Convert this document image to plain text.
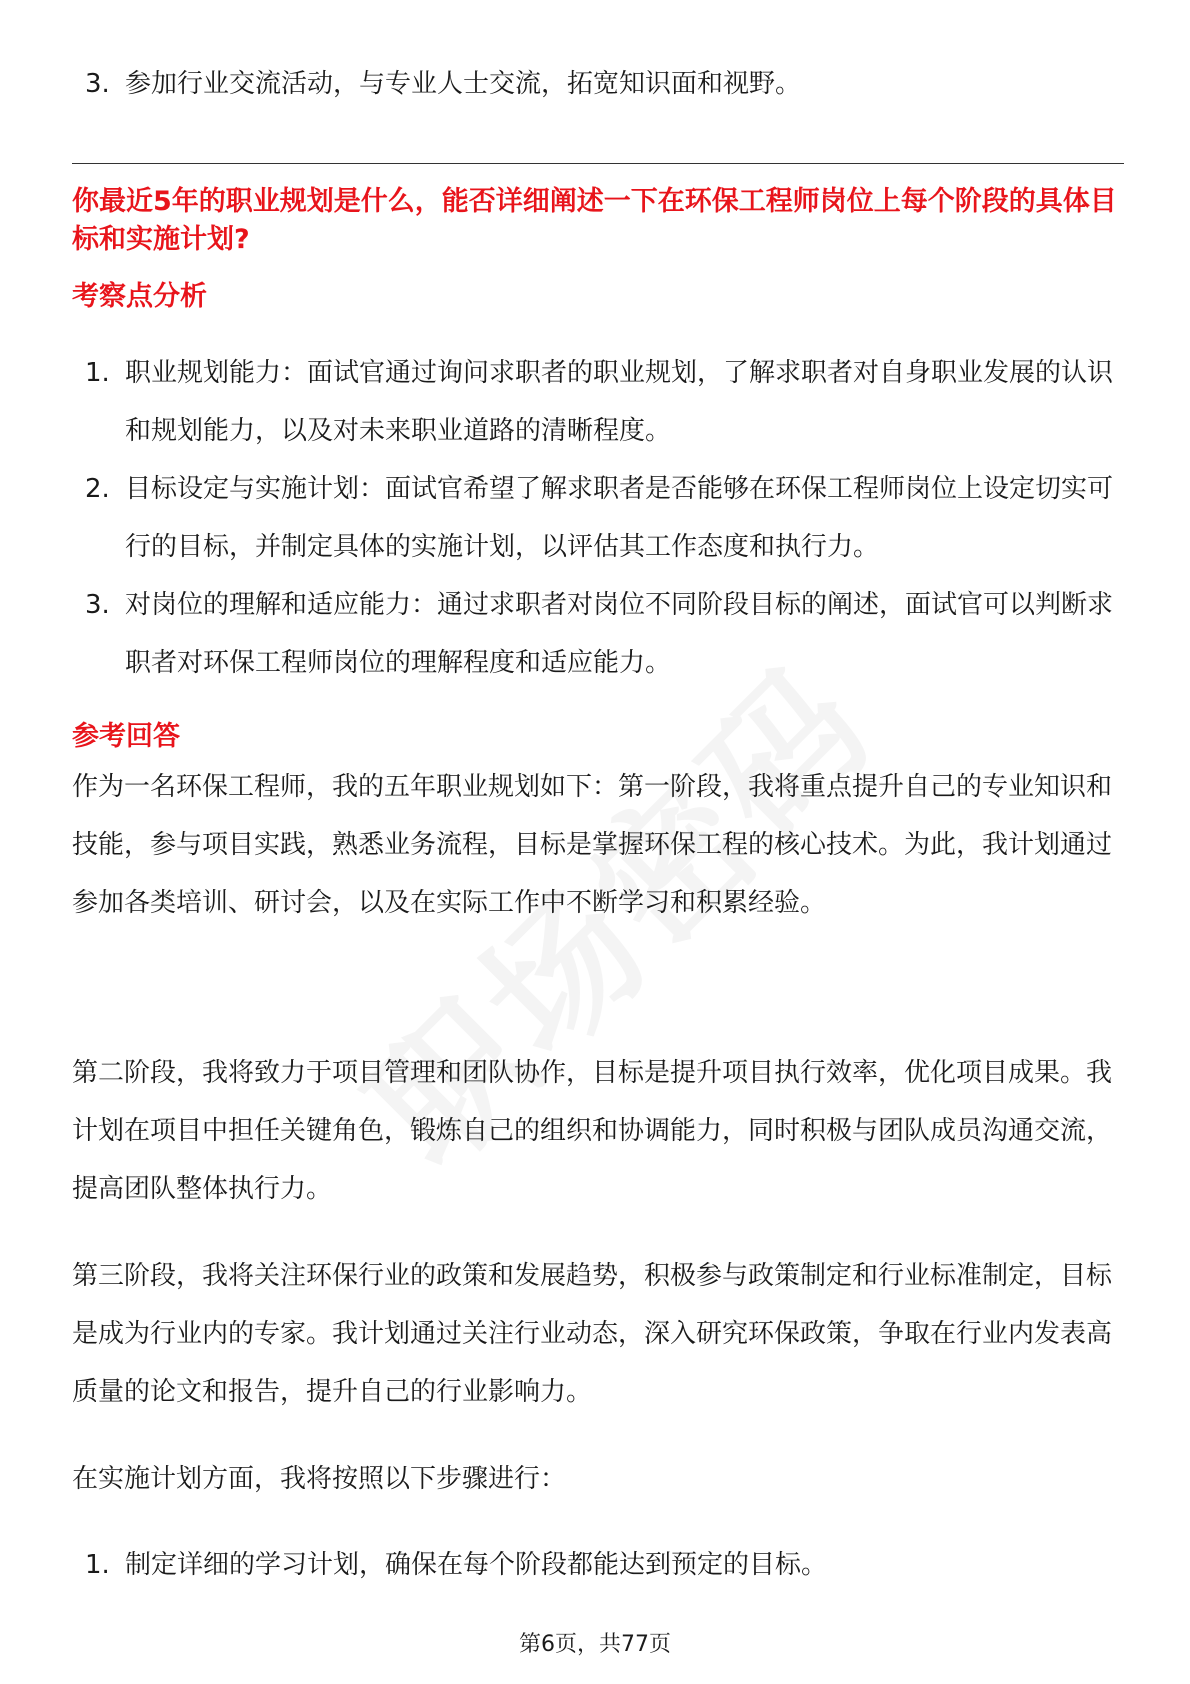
3. 参加行业交流活动，与专业人士交流，拓宽知识面和视野。
你最近5年的职业规划是什么，能否详细阐述一下在环保工程师岗位上每个阶段的具体目标和实施计划?
考察点分析
1. 职业规划能力：面试官通过询问求职者的职业规划，了解求职者对自身职业发展的认识和规划能力，以及对未来职业道路的清晰程度。
2. 目标设定与实施计划：面试官希望了解求职者是否能够在环保工程师岗位上设定切实可行的目标，并制定具体的实施计划，以评估其工作态度和执行力。
3. 对岗位的理解和适应能力：通过求职者对岗位不同阶段目标的阐述，面试官可以判断求职者对环保工程师岗位的理解程度和适应能力。
参考回答

作为一名环保工程师，我的五年职业规划如下：第一阶段，我将重点提升自己的专业知识和技能，参与项目实践，熟悉业务流程，目标是掌握环保工程的核心技术。为此，我计划通过参加各类培训、研讨会，以及在实际工作中不断学习和积累经验。

第二阶段，我将致力于项目管理和团队协作，目标是提升项目执行效率，优化项目成果。我计划在项目中担任关键角色，锻炼自己的组织和协调能力，同时积极与团队成员沟通交流，提高团队整体执行力。

第三阶段，我将关注环保行业的政策和发展趋势，积极参与政策制定和行业标准制定，目标是成为行业内的专家。我计划通过关注行业动态，深入研究环保政策，争取在行业内发表高质量的论文和报告，提升自己的行业影响力。

在实施计划方面，我将按照以下步骤进行：

1. 制定详细的学习计划，确保在每个阶段都能达到预定的目标。
第6页，共77页
